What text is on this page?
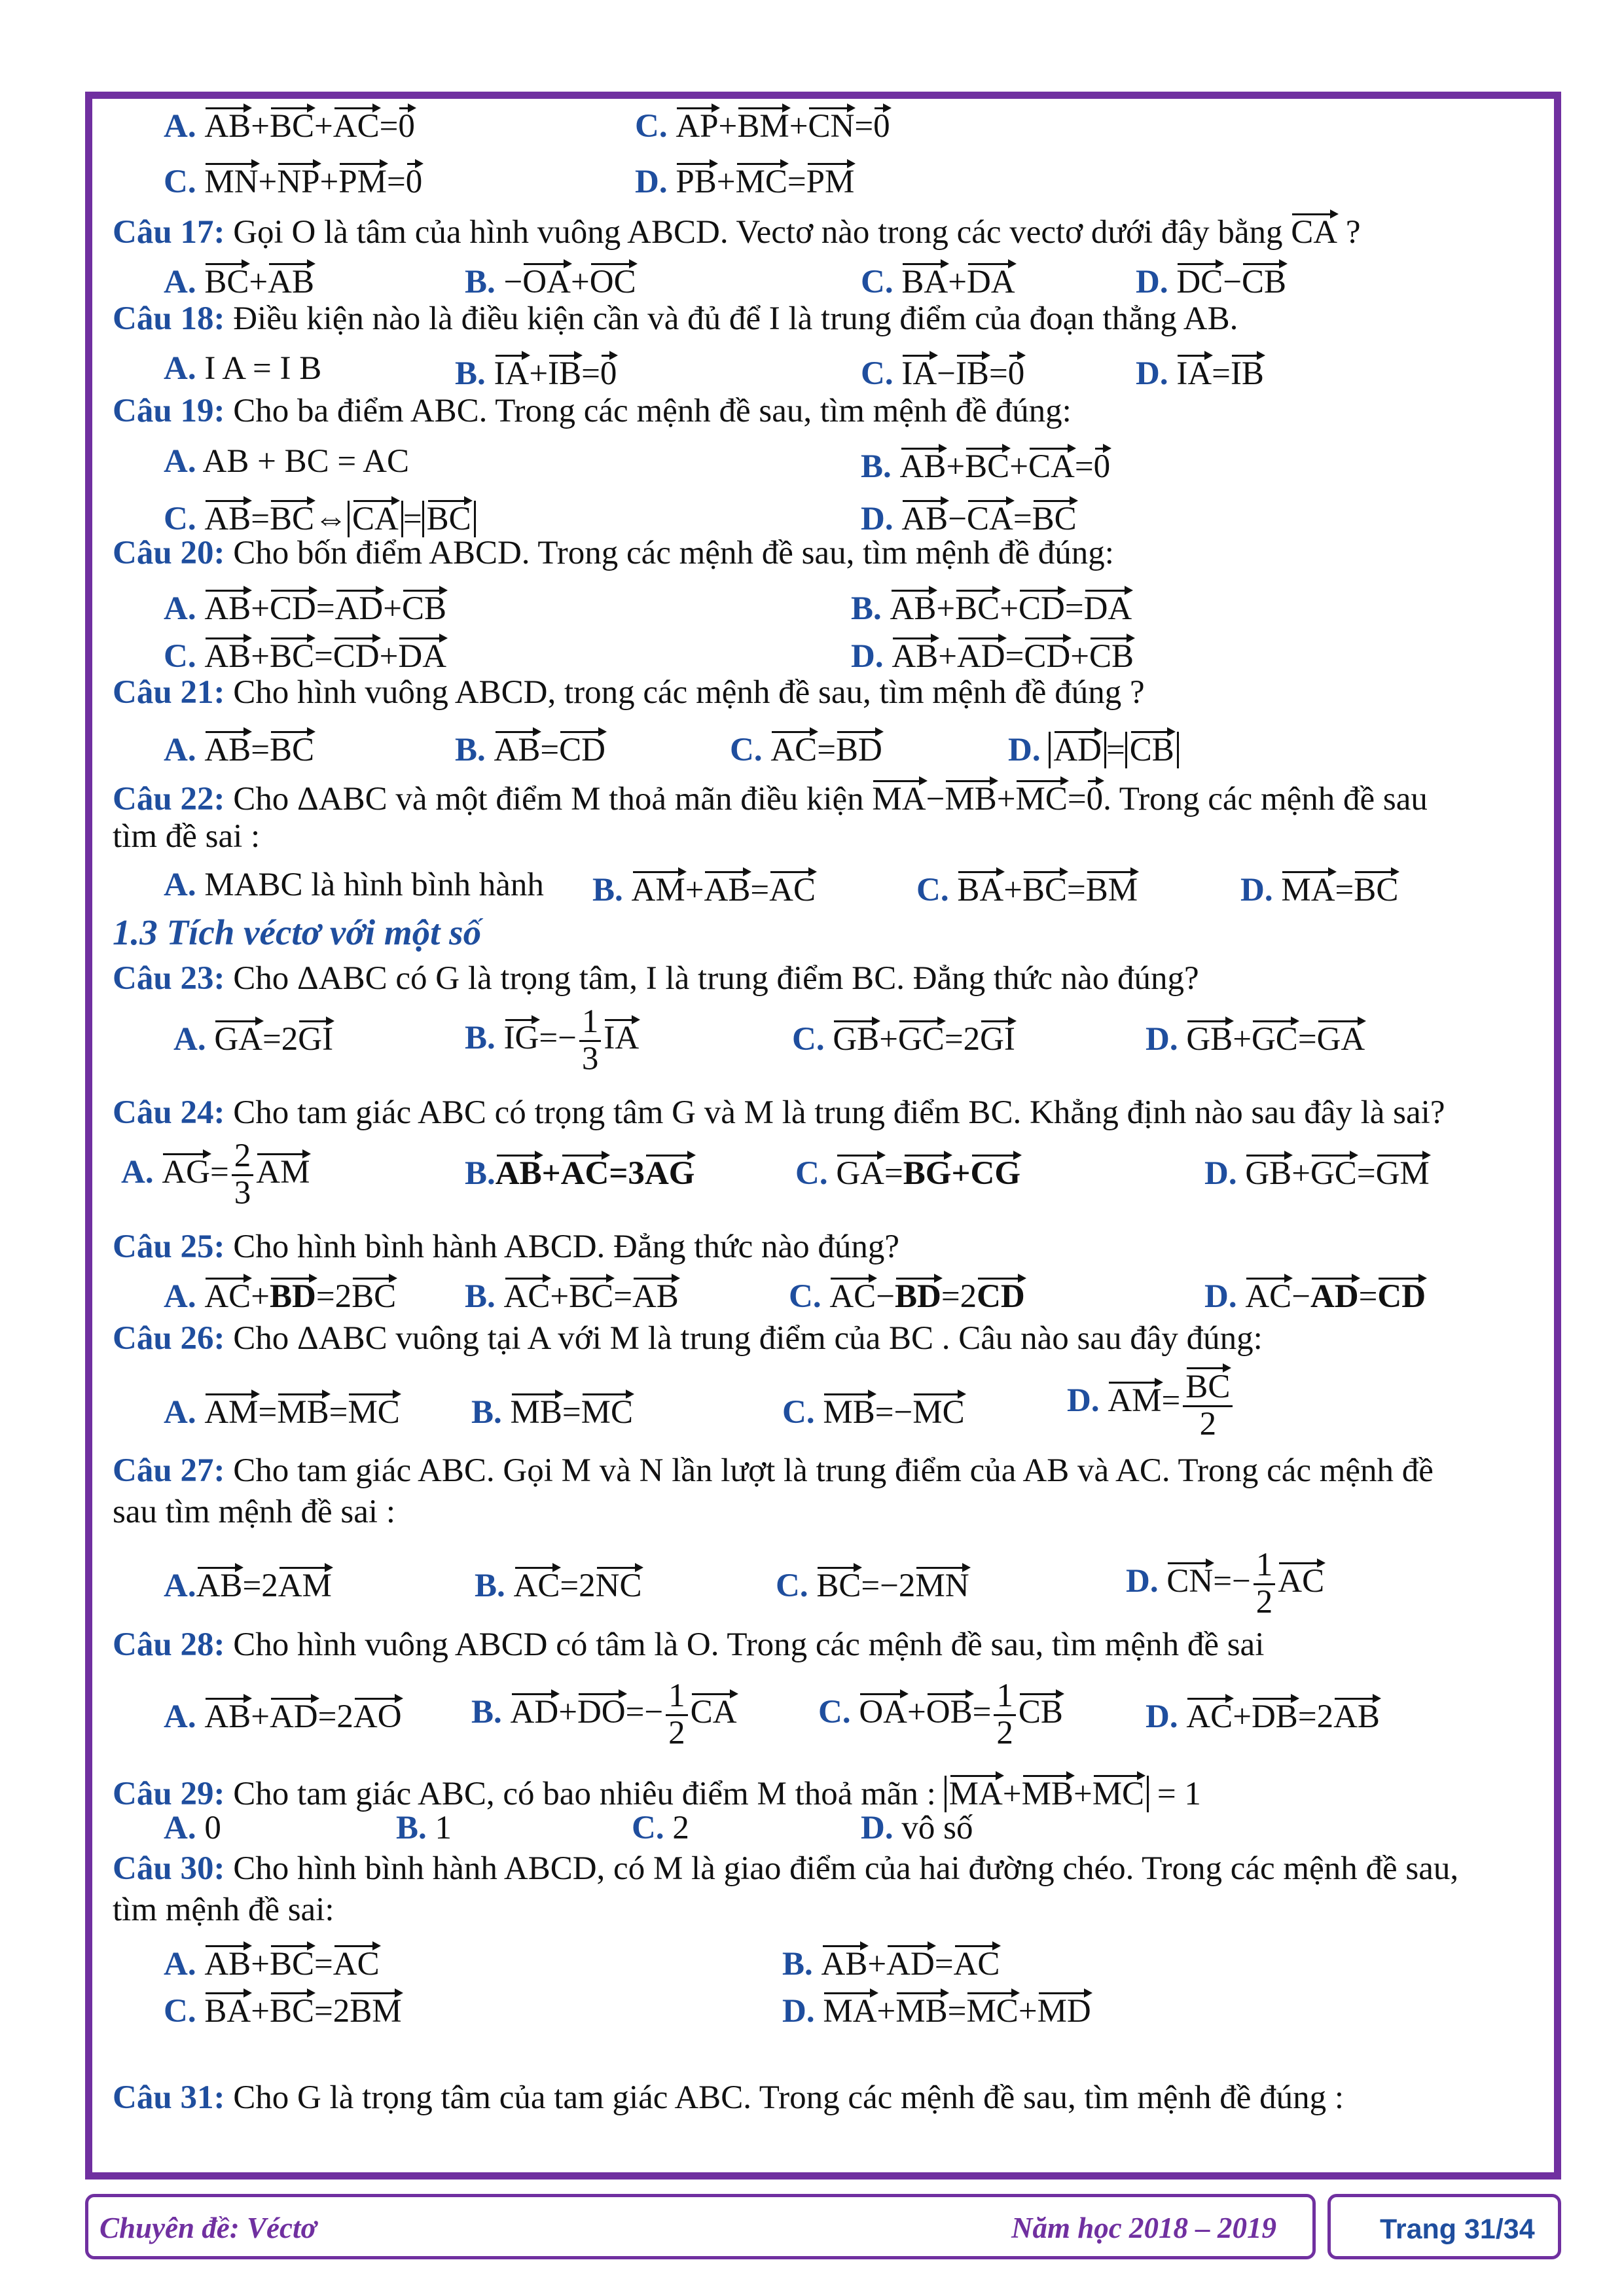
A. AB+BC+AC=0	C. AP+BM+CN=0
C. MN+NP+PM=0	D. PB+MC=PM
Câu 17: Gọi O là tâm của hình vuông ABCD. Vectơ nào trong các vectơ dưới đây bằng CA ?
A. BC+AB	B. −OA+OC	C. BA+DA	D. DC−CB
Câu 18: Điều kiện nào là điều kiện cần và đủ để I là trung điểm của đoạn thẳng AB.
A. I A = I B	B. IA+IB=0	C. IA−IB=0	D. IA=IB
Câu 19: Cho ba điểm ABC. Trong các mệnh đề sau, tìm mệnh đề đúng:
A. AB + BC = AC	B. AB+BC+CA=0
C. AB=BC⇔ CA = BC	D. AB−CA=BC
Câu 20: Cho bốn điểm ABCD. Trong các mệnh đề sau, tìm mệnh đề đúng:
A. AB+CD=AD+CB	B. AB+BC+CD=DA
C. AB+BC=CD+DA	D. AB+AD=CD+CB
Câu 21: Cho hình vuông ABCD, trong các mệnh đề sau, tìm mệnh đề đúng ?
A. AB=BC	B. AB=CD	C. AC=BD	D. AD = CB
Câu 22: Cho ΔABC và một điểm M thoả mãn điều kiện MA−MB+MC=0. Trong các mệnh đề sau
tìm đề sai :
A. MABC là hình bình hành B. AM+AB=AC	C. BA+BC=BM	D. MA=BC
1.3 Tích véctơ với một số
Câu 23: Cho ΔABC có G là trọng tâm, I là trung điểm BC. Đẳng thức nào đúng?
A. GA=2GI	B. $IG=- \frac{1}{3}$ IA	C. GB+GC=2GI	D. GB+GC=GA
Câu 24: Cho tam giác ABC có trọng tâm G và M là trung điểm BC. Khẳng định nào sau đây là sai?
A. $AG= \frac{2}{3}$ AM	B.AB+AC=3AG	C. GA=BG+CG	D. GB+GC=GM
Câu 25: Cho hình bình hành ABCD. Đẳng thức nào đúng?
A. AC+BD=2BC B. AC+BC=AB	C. AC−BD=2CD	D. AC−AD=CD
Câu 26: Cho ΔABC vuông tại A với M là trung điểm của BC . Câu nào sau đây đúng:
A. AM=MB=MC B. MB=MC	C. MB=−MC	D. $AM= \frac{BC}{2}$
Câu 27: Cho tam giác ABC. Gọi M và N lần lượt là trung điểm của AB và AC. Trong các mệnh đề
sau tìm mệnh đề sai :
A.AB=2AM	B. AC=2NC	C. BC=−2MN	D. $CN=- \frac{1}{2}$ AC
Câu 28: Cho hình vuông ABCD có tâm là O. Trong các mệnh đề sau, tìm mệnh đề sai
A. AB+AD=2AO B. $AD+DO=- \frac{1}{2}$ CA C. $OA+OB= \frac{1}{2}$ CB D. AC+DB=2AB
Câu 29: Cho tam giác ABC, có bao nhiêu điểm M thoả mãn : MA+MB+MC = 1
A. 0	B. 1	C. 2	D. vô số
Câu 30: Cho hình bình hành ABCD, có M là giao điểm của hai đường chéo. Trong các mệnh đề sau,
tìm mệnh đề sai:
A. AB+BC=AC	B. AB+AD=AC
C. BA+BC=2BM	D. MA+MB=MC+MD
Câu 31: Cho G là trọng tâm của tam giác ABC. Trong các mệnh đề sau, tìm mệnh đề đúng :
Chuyên đề: Véctơ	Năm học 2018 – 2019	Trang 31/34
